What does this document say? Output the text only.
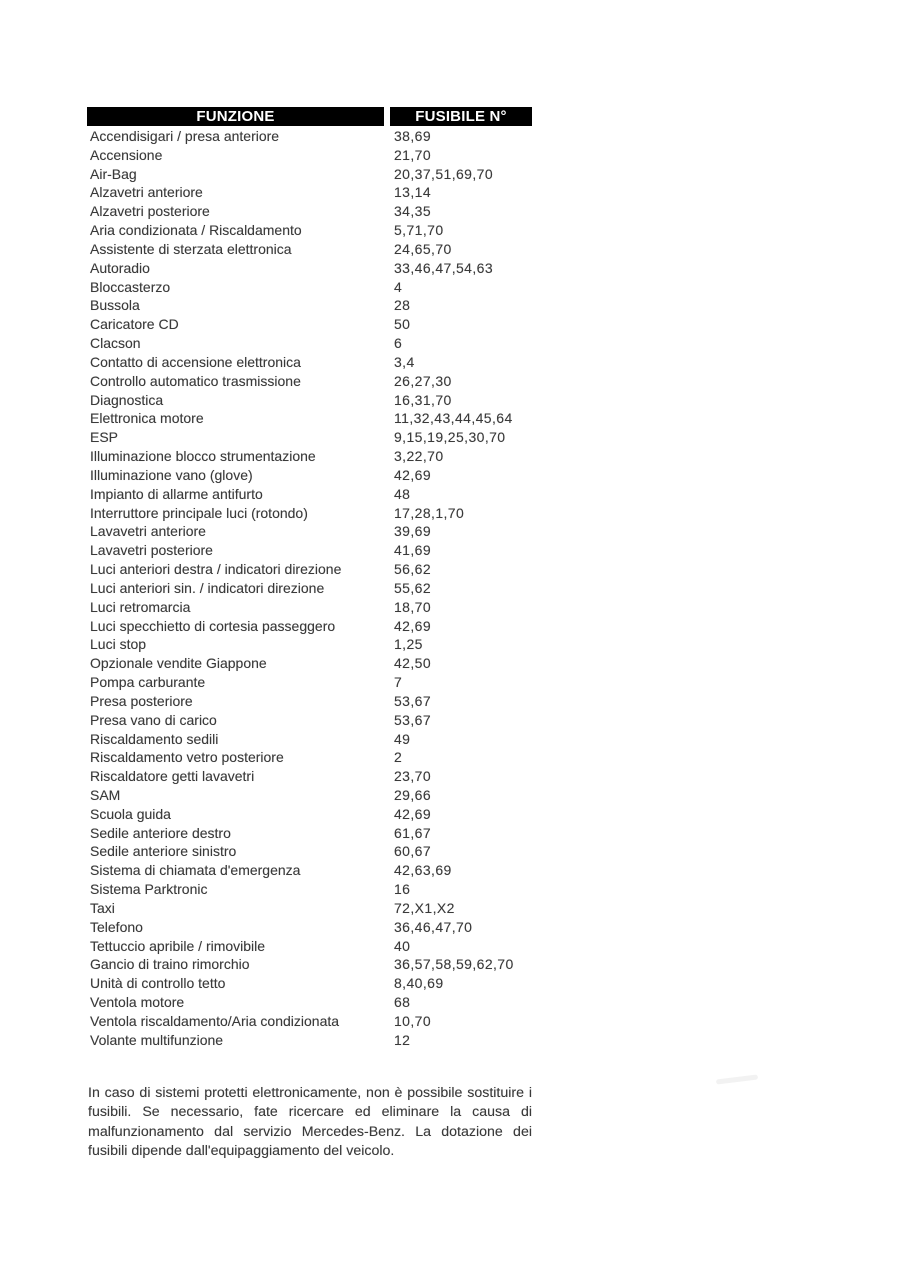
FUNZIONE	FUSIBILE N°
Accendisigari / presa anteriore	38,69
Accensione	21,70
Air-Bag	20,37,51,69,70
Alzavetri anteriore	13,14
Alzavetri posteriore	34,35
Aria condizionata / Riscaldamento	5,71,70
Assistente di sterzata elettronica	24,65,70
Autoradio	33,46,47,54,63
Bloccasterzo	4
Bussola	28
Caricatore CD	50
Clacson	6
Contatto di accensione elettronica	3,4
Controllo automatico trasmissione	26,27,30
Diagnostica	16,31,70
Elettronica motore	11,32,43,44,45,64
ESP	9,15,19,25,30,70
Illuminazione blocco strumentazione	3,22,70
Illuminazione vano (glove)	42,69
Impianto di allarme antifurto	48
Interruttore principale luci (rotondo)	17,28,1,70
Lavavetri anteriore	39,69
Lavavetri posteriore	41,69
Luci anteriori destra / indicatori direzione	56,62
Luci anteriori sin. / indicatori direzione	55,62
Luci retromarcia	18,70
Luci specchietto di cortesia passeggero	42,69
Luci stop	1,25
Opzionale vendite Giappone	42,50
Pompa carburante	7
Presa posteriore	53,67
Presa vano di carico	53,67
Riscaldamento sedili	49
Riscaldamento vetro posteriore	2
Riscaldatore getti lavavetri	23,70
SAM	29,66
Scuola guida	42,69
Sedile anteriore destro	61,67
Sedile anteriore sinistro	60,67
Sistema di chiamata d'emergenza	42,63,69
Sistema Parktronic	16
Taxi	72,X1,X2
Telefono	36,46,47,70
Tettuccio apribile / rimovibile	40
Gancio di traino rimorchio	36,57,58,59,62,70
Unità di controllo tetto	8,40,69
Ventola motore	68
Ventola riscaldamento/Aria condizionata	10,70
Volante multifunzione	12

In caso di sistemi protetti elettronicamente, non è possibile sostituire i fusibili. Se necessario, fate ricercare ed eliminare la causa di malfunzionamento dal servizio Mercedes-Benz. La dotazione dei fusibili dipende dall'equipaggiamento del veicolo.
